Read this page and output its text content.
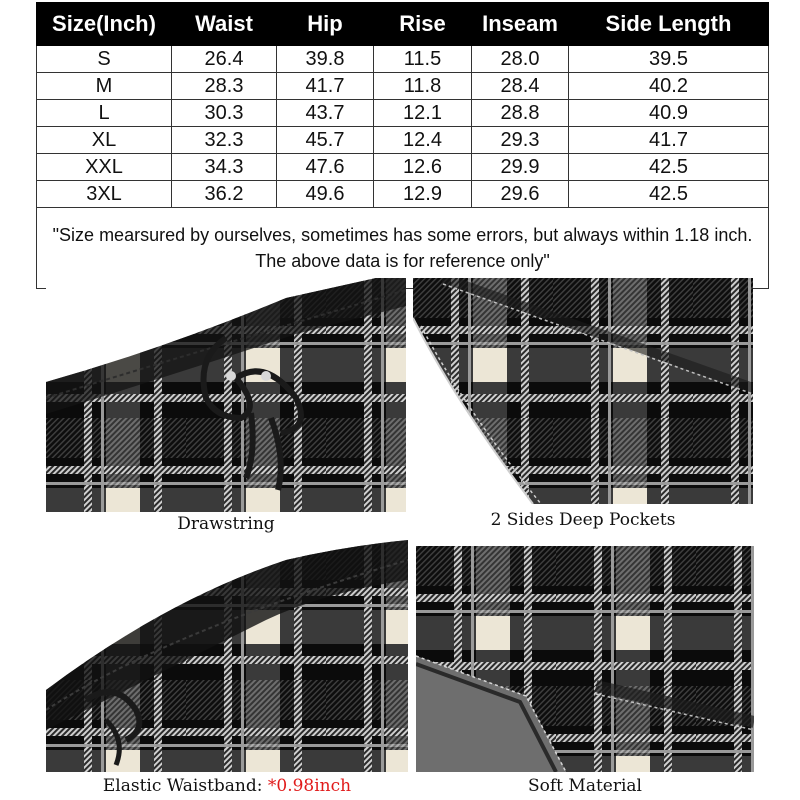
Size(Inch)	Waist	Hip	Rise	Inseam	Side Length
S	26.4	39.8	11.5	28.0	39.5
M	28.3	41.7	11.8	28.4	40.2
L	30.3	43.7	12.1	28.8	40.9
XL	32.3	45.7	12.4	29.3	41.7
XXL	34.3	47.6	12.6	29.9	42.5
3XL	36.2	49.6	12.9	29.6	42.5
"Size mearsured by ourselves, sometimes has some errors, but always within 1.18 inch. The above data is for reference only"					
Drawstring	2 Sides Deep Pockets
Elastic Waistband: *0.98inch	Soft Material
